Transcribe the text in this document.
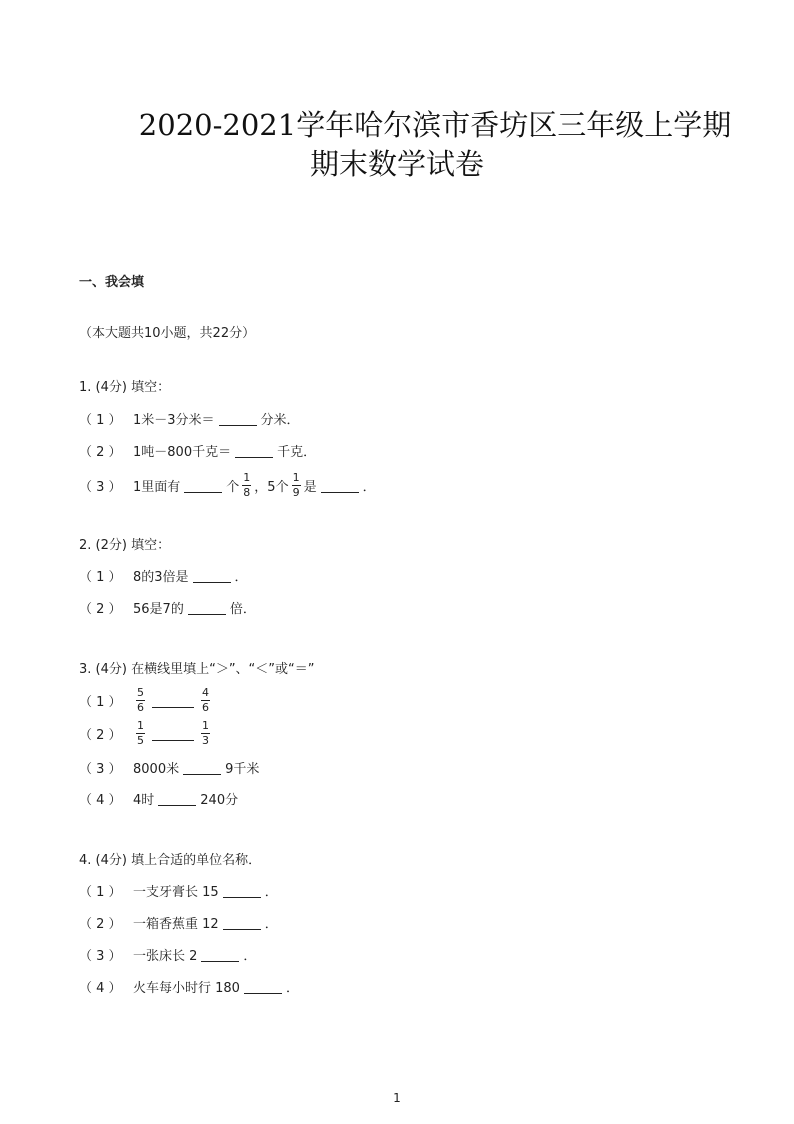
2020-2021学年哈尔滨市香坊区三年级上学期
期末数学试卷
一、我会填
（本大题共10小题，共22分）
1. (4分) 填空：
（ 1 ） 1米－3分米＝	分米．
（ 2 ） 1吨－800千克＝	千克．
（ 3 ） 1里面有	个 $\frac{1}{8}$ ，5个 $\frac{1}{9}$ 是	．
2. (2分) 填空：
（ 1 ） 8的3倍是	．
（ 2 ） 56是7的	倍．
3. (4分) 在横线里填上“＞”、“＜”或“＝”
（ 1 ）	$\frac{5}{6}$	$\frac{4}{6}$
（ 2 ）	$\frac{1}{5}$	$\frac{1}{3}$
（ 3 ） 8000米	9千米
（ 4 ） 4时	240分
4. (4分) 填上合适的单位名称．
（ 1 ） 一支牙膏长 15	．
（ 2 ） 一箱香蕉重 12	．
（ 3 ） 一张床长 2	．
（ 4 ） 火车每小时行 180	．
1
